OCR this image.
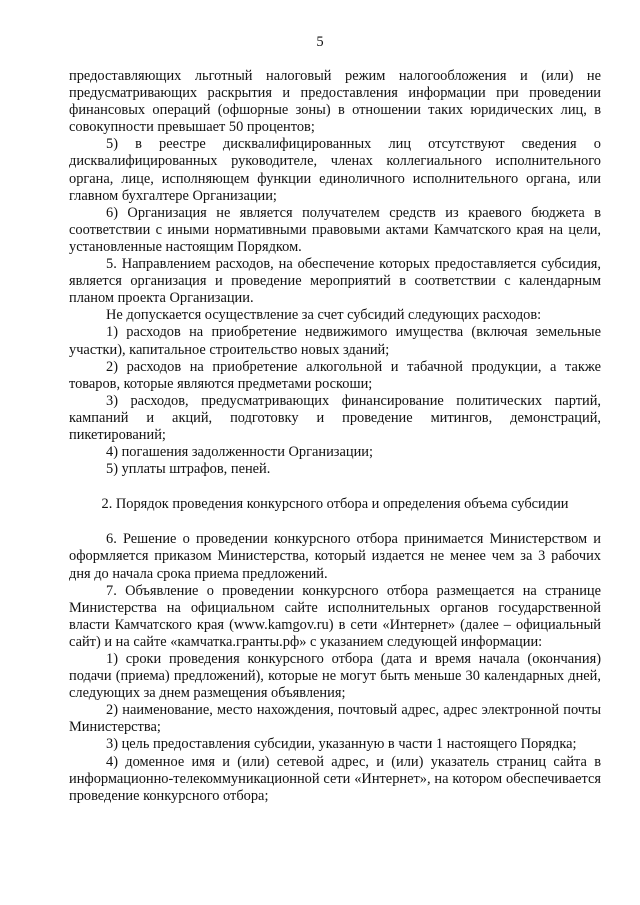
5

предоставляющих льготный налоговый режим налогообложения и (или) не предусматривающих раскрытия и предоставления информации при проведении финансовых операций (офшорные зоны) в отношении таких юридических лиц, в совокупности превышает 50 процентов;

5) в реестре дисквалифицированных лиц отсутствуют сведения о дисквалифицированных руководителе, членах коллегиального исполнительного органа, лице, исполняющем функции единоличного исполнительного органа, или главном бухгалтере Организации;

6) Организация не является получателем средств из краевого бюджета в соответствии с иными нормативными правовыми актами Камчатского края на цели, установленные настоящим Порядком.

5. Направлением расходов, на обеспечение которых предоставляется субсидия, является организация и проведение мероприятий в соответствии с календарным планом проекта Организации.

Не допускается осуществление за счет субсидий следующих расходов:

1) расходов на приобретение недвижимого имущества (включая земельные участки), капитальное строительство новых зданий;

2) расходов на приобретение алкогольной и табачной продукции, а также товаров, которые являются предметами роскоши;

3) расходов, предусматривающих финансирование политических партий, кампаний и акций, подготовку и проведение митингов, демонстраций, пикетирований;

4) погашения задолженности Организации;

5) уплаты штрафов, пеней.

2. Порядок проведения конкурсного отбора и определения объема субсидии

6. Решение о проведении конкурсного отбора принимается Министерством и оформляется приказом Министерства, который издается не менее чем за 3 рабочих дня до начала срока приема предложений.

7. Объявление о проведении конкурсного отбора размещается на странице Министерства на официальном сайте исполнительных органов государственной власти Камчатского края (www.kamgov.ru) в сети «Интернет» (далее – официальный сайт) и на сайте «камчатка.гранты.рф» с указанием следующей информации:

1) сроки проведения конкурсного отбора (дата и время начала (окончания) подачи (приема) предложений), которые не могут быть меньше 30 календарных дней, следующих за днем размещения объявления;

2) наименование, место нахождения, почтовый адрес, адрес электронной почты Министерства;

3) цель предоставления субсидии, указанную в части 1 настоящего Порядка;

4) доменное имя и (или) сетевой адрес, и (или) указатель страниц сайта в информационно-телекоммуникационной сети «Интернет», на котором обеспечивается проведение конкурсного отбора;
